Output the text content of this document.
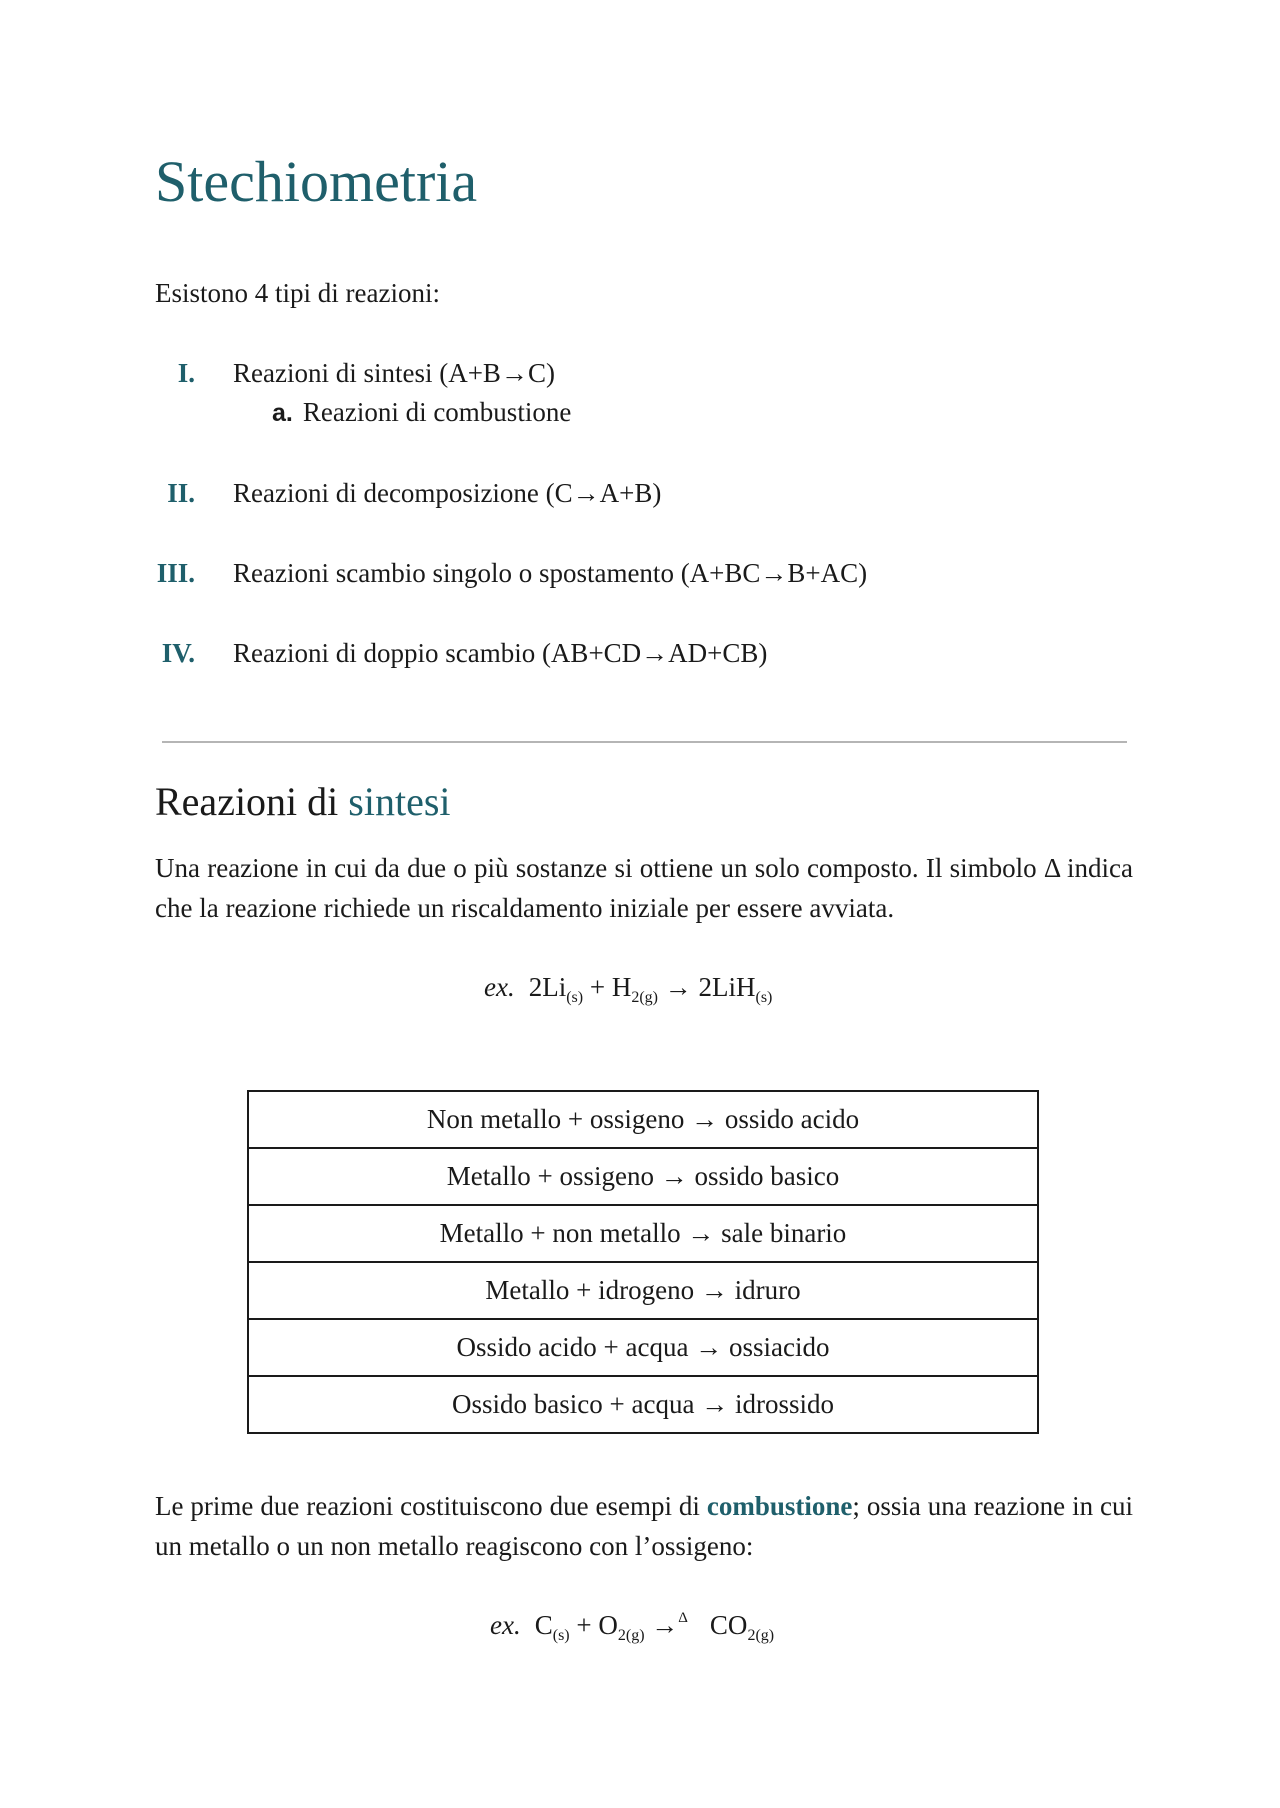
Stechiometria
Esistono 4 tipi di reazioni:
I. Reazioni di sintesi (A+B→C)
a. Reazioni di combustione
II. Reazioni di decomposizione (C→A+B)
III. Reazioni scambio singolo o spostamento (A+BC→B+AC)
IV. Reazioni di doppio scambio (AB+CD→AD+CB)
Reazioni di sintesi

Una reazione in cui da due o più sostanze si ottiene un solo composto. Il simbolo Δ indica che la reazione richiede un riscaldamento iniziale per essere avviata.

ex. $2Li_{(s)} + H_{2(g)} \to 2LiH_{(s)}$
Non metallo + ossigeno → ossido acido
Metallo + ossigeno → ossido basico
Metallo + non metallo → sale binario
Metallo + idrogeno → idruro
Ossido acido + acqua → ossiacido
Ossido basico + acqua → idrossido

Le prime due reazioni costituiscono due esempi di combustione; ossia una reazione in cui un metallo o un non metallo reagiscono con l’ossigeno:

ex. $C_{(s)} + O_{2(g)} \to^\Delta$ $CO_{2(g)}$
